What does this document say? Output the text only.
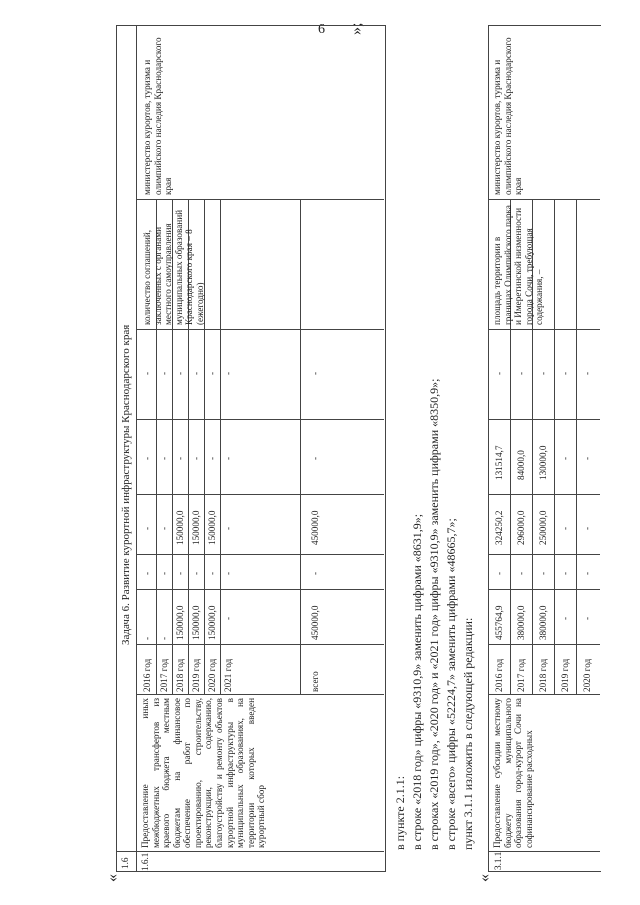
6
«
»;
1.6
Задача 6. Развитие курортной инфраструктуры Краснодарского края
1.6.1
Предоставление иных межбюджетных трансфертов из краевого бюджета местным бюджетам на финансовое обеспечение работ по проектированию, строительству, реконструкции, содержанию, благоустройству и ремонту объектов курортной инфраструктуры в муниципальных образованиях, на территории которых введен курортный сбор
2016 год
-
-
-
-
-
2017 год
-
-
-
-
-
2018 год
150000,0
-
150000,0
-
-
2019 год
150000,0
-
150000,0
-
-
2020 год
150000,0
-
150000,0
-
-
2021 год
-
-
-
-
-
всего
450000,0
-
450000,0
-
-
количество соглашений, заключенных с органами местного самоуправления муниципальных образований Краснодарского края – 8 (ежегодно)
министерство курортов, туризма и олимпийского наследия Краснодарского края
в пункте 2.1.1: в строке «2018 год» цифры «9310,9» заменить цифрами «8631,9»; в строках «2019 год», «2020 год» и «2021 год» цифры «9310,9» заменить цифрами «8350,9»; в строке «всего» цифры «52224,7» заменить цифрами «48665,7»; пункт 3.1.1 изложить в следующей редакции:
«
3.1.1
Предоставление субсидии местному бюджету муниципального образования город-курорт Сочи на софинансирование расходных
2016 год
455764,9
-
324250,2
131514,7
-
2017 год
380000,0
-
296000,0
84000,0
-
2018 год
380000,0
-
250000,0
130000,0
-
2019 год
-
-
-
-
-
2020 год
-
-
-
-
-
площадь территории в границах Олимпийского парка и Имеретинской низменности города Сочи, требующая содержания, –
министерство курортов, туризма и олимпийского наследия Краснодарского края
